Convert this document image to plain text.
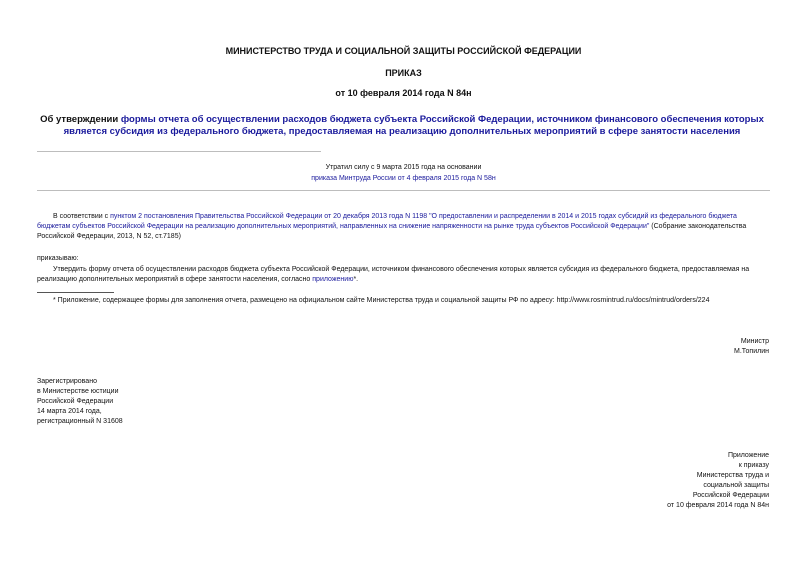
МИНИСТЕРСТВО ТРУДА И СОЦИАЛЬНОЙ ЗАЩИТЫ РОССИЙСКОЙ ФЕДЕРАЦИИ
ПРИКАЗ
от 10 февраля 2014 года N 84н
Об утверждении формы отчета об осуществлении расходов бюджета субъекта Российской Федерации, источником финансового обеспечения которых является субсидия из федерального бюджета, предоставляемая на реализацию дополнительных мероприятий в сфере занятости населения
Утратил силу с 9 марта 2015 года на основании
приказа Минтруда России от 4 февраля 2015 года N 58н
В соответствии с пунктом 2 постановления Правительства Российской Федерации от 20 декабря 2013 года N 1198 "О предоставлении и распределении в 2014 и 2015 годах субсидий из федерального бюджета бюджетам субъектов Российской Федерации на реализацию дополнительных мероприятий, направленных на снижение напряженности на рынке труда субъектов Российской Федерации" (Собрание законодательства Российской Федерации, 2013, N 52, ст.7185)
приказываю:
Утвердить форму отчета об осуществлении расходов бюджета субъекта Российской Федерации, источником финансового обеспечения которых является субсидия из федерального бюджета, предоставляемая на реализацию дополнительных мероприятий в сфере занятости населения, согласно приложению*.
* Приложение, содержащее формы для заполнения отчета, размещено на официальном сайте Министерства труда и социальной защиты РФ по адресу: http://www.rosmintrud.ru/docs/mintrud/orders/224
Министр
М.Топилин
Зарегистрировано
в Министерстве юстиции
Российской Федерации
14 марта 2014 года,
регистрационный N 31608
Приложение
к приказу
Министерства труда и
социальной защиты
Российской Федерации
от 10 февраля 2014 года N 84н
